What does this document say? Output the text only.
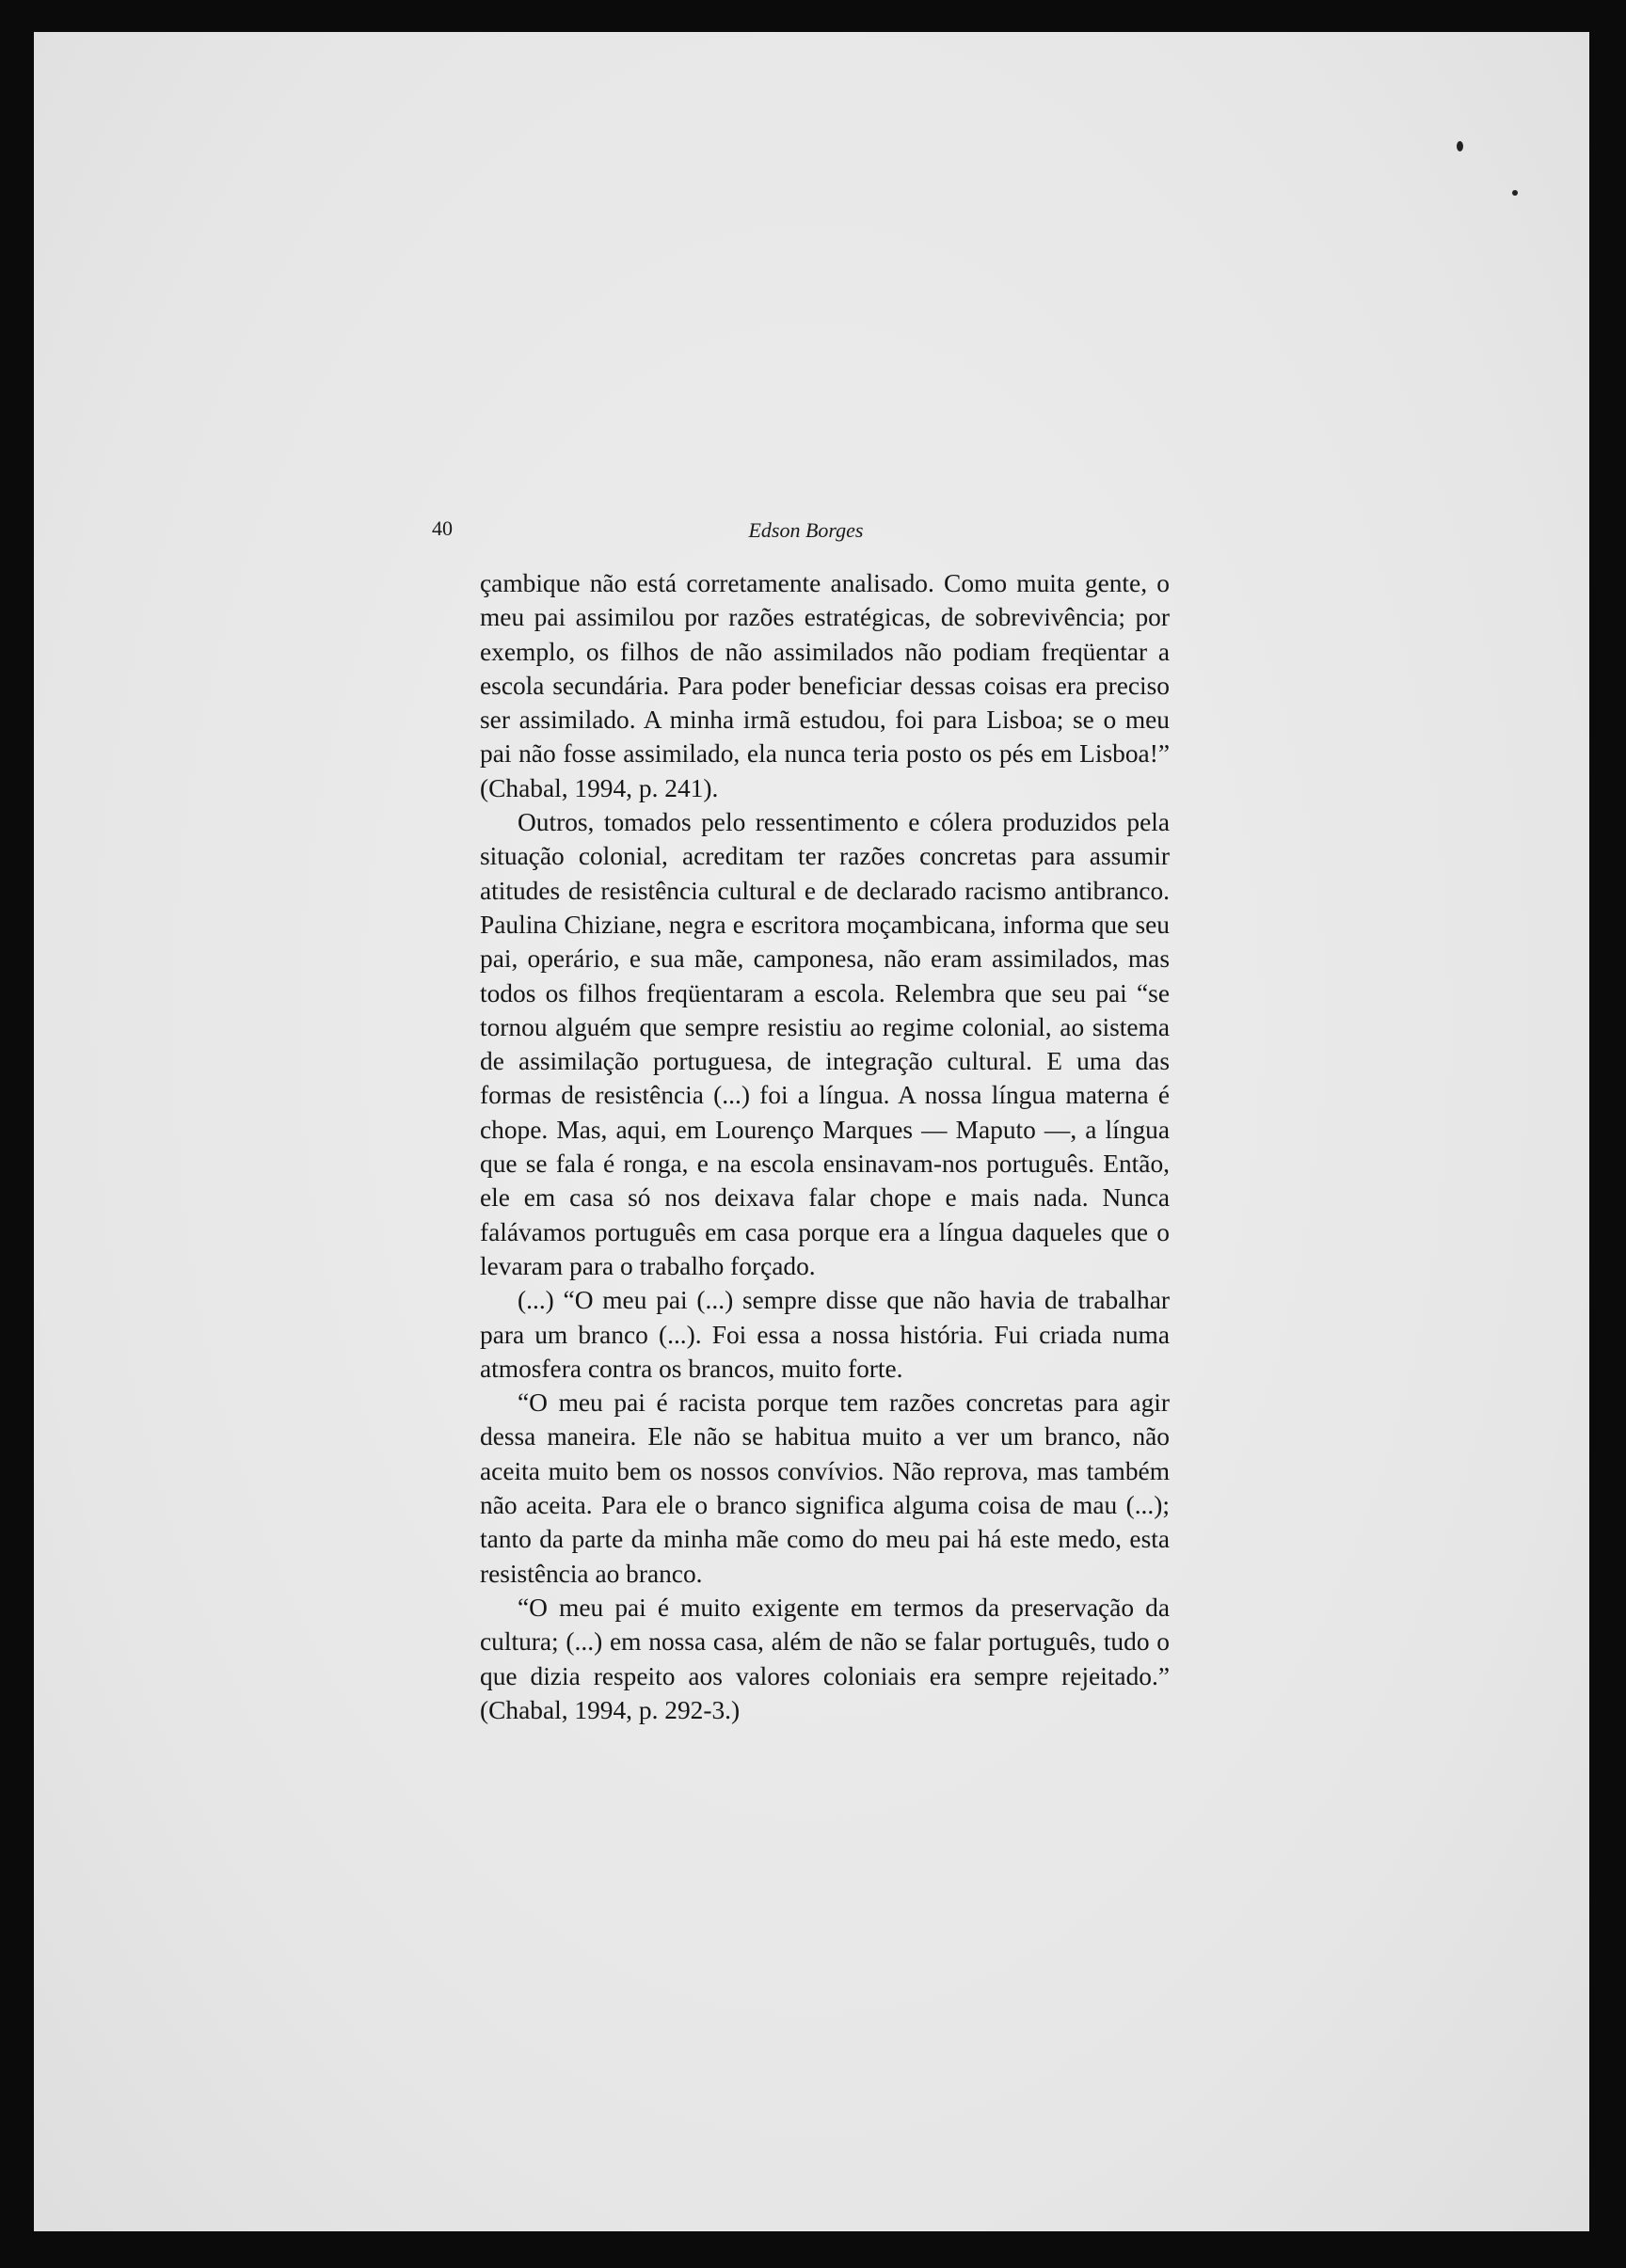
40	Edson Borges

çambique não está corretamente analisado. Como muita gente, o meu pai assimilou por razões estratégicas, de sobrevivência; por exemplo, os filhos de não assimilados não podiam freqüentar a escola secundária. Para poder beneficiar dessas coisas era preciso ser assimilado. A minha irmã estudou, foi para Lisboa; se o meu pai não fosse assimilado, ela nunca teria posto os pés em Lisboa!” (Chabal, 1994, p. 241).

Outros, tomados pelo ressentimento e cólera produzidos pela situação colonial, acreditam ter razões concretas para assumir atitudes de resistência cultural e de declarado racismo antibranco. Paulina Chiziane, negra e escritora moçambicana, informa que seu pai, operário, e sua mãe, camponesa, não eram assimilados, mas todos os filhos freqüentaram a escola. Relembra que seu pai “se tornou alguém que sempre resistiu ao regime colonial, ao sistema de assimilação portuguesa, de integração cultural. E uma das formas de resistência (...) foi a língua. A nossa língua materna é chope. Mas, aqui, em Lourenço Marques — Maputo —, a língua que se fala é ronga, e na escola ensinavam-nos português. Então, ele em casa só nos deixava falar chope e mais nada. Nunca falávamos português em casa porque era a língua daqueles que o levaram para o trabalho forçado.

(...) “O meu pai (...) sempre disse que não havia de trabalhar para um branco (...). Foi essa a nossa história. Fui criada numa atmosfera contra os brancos, muito forte.

“O meu pai é racista porque tem razões concretas para agir dessa maneira. Ele não se habitua muito a ver um branco, não aceita muito bem os nossos convívios. Não reprova, mas também não aceita. Para ele o branco significa alguma coisa de mau (...); tanto da parte da minha mãe como do meu pai há este medo, esta resistência ao branco.

“O meu pai é muito exigente em termos da preservação da cultura; (...) em nossa casa, além de não se falar português, tudo o que dizia respeito aos valores coloniais era sempre rejeitado.” (Chabal, 1994, p. 292-3.)
